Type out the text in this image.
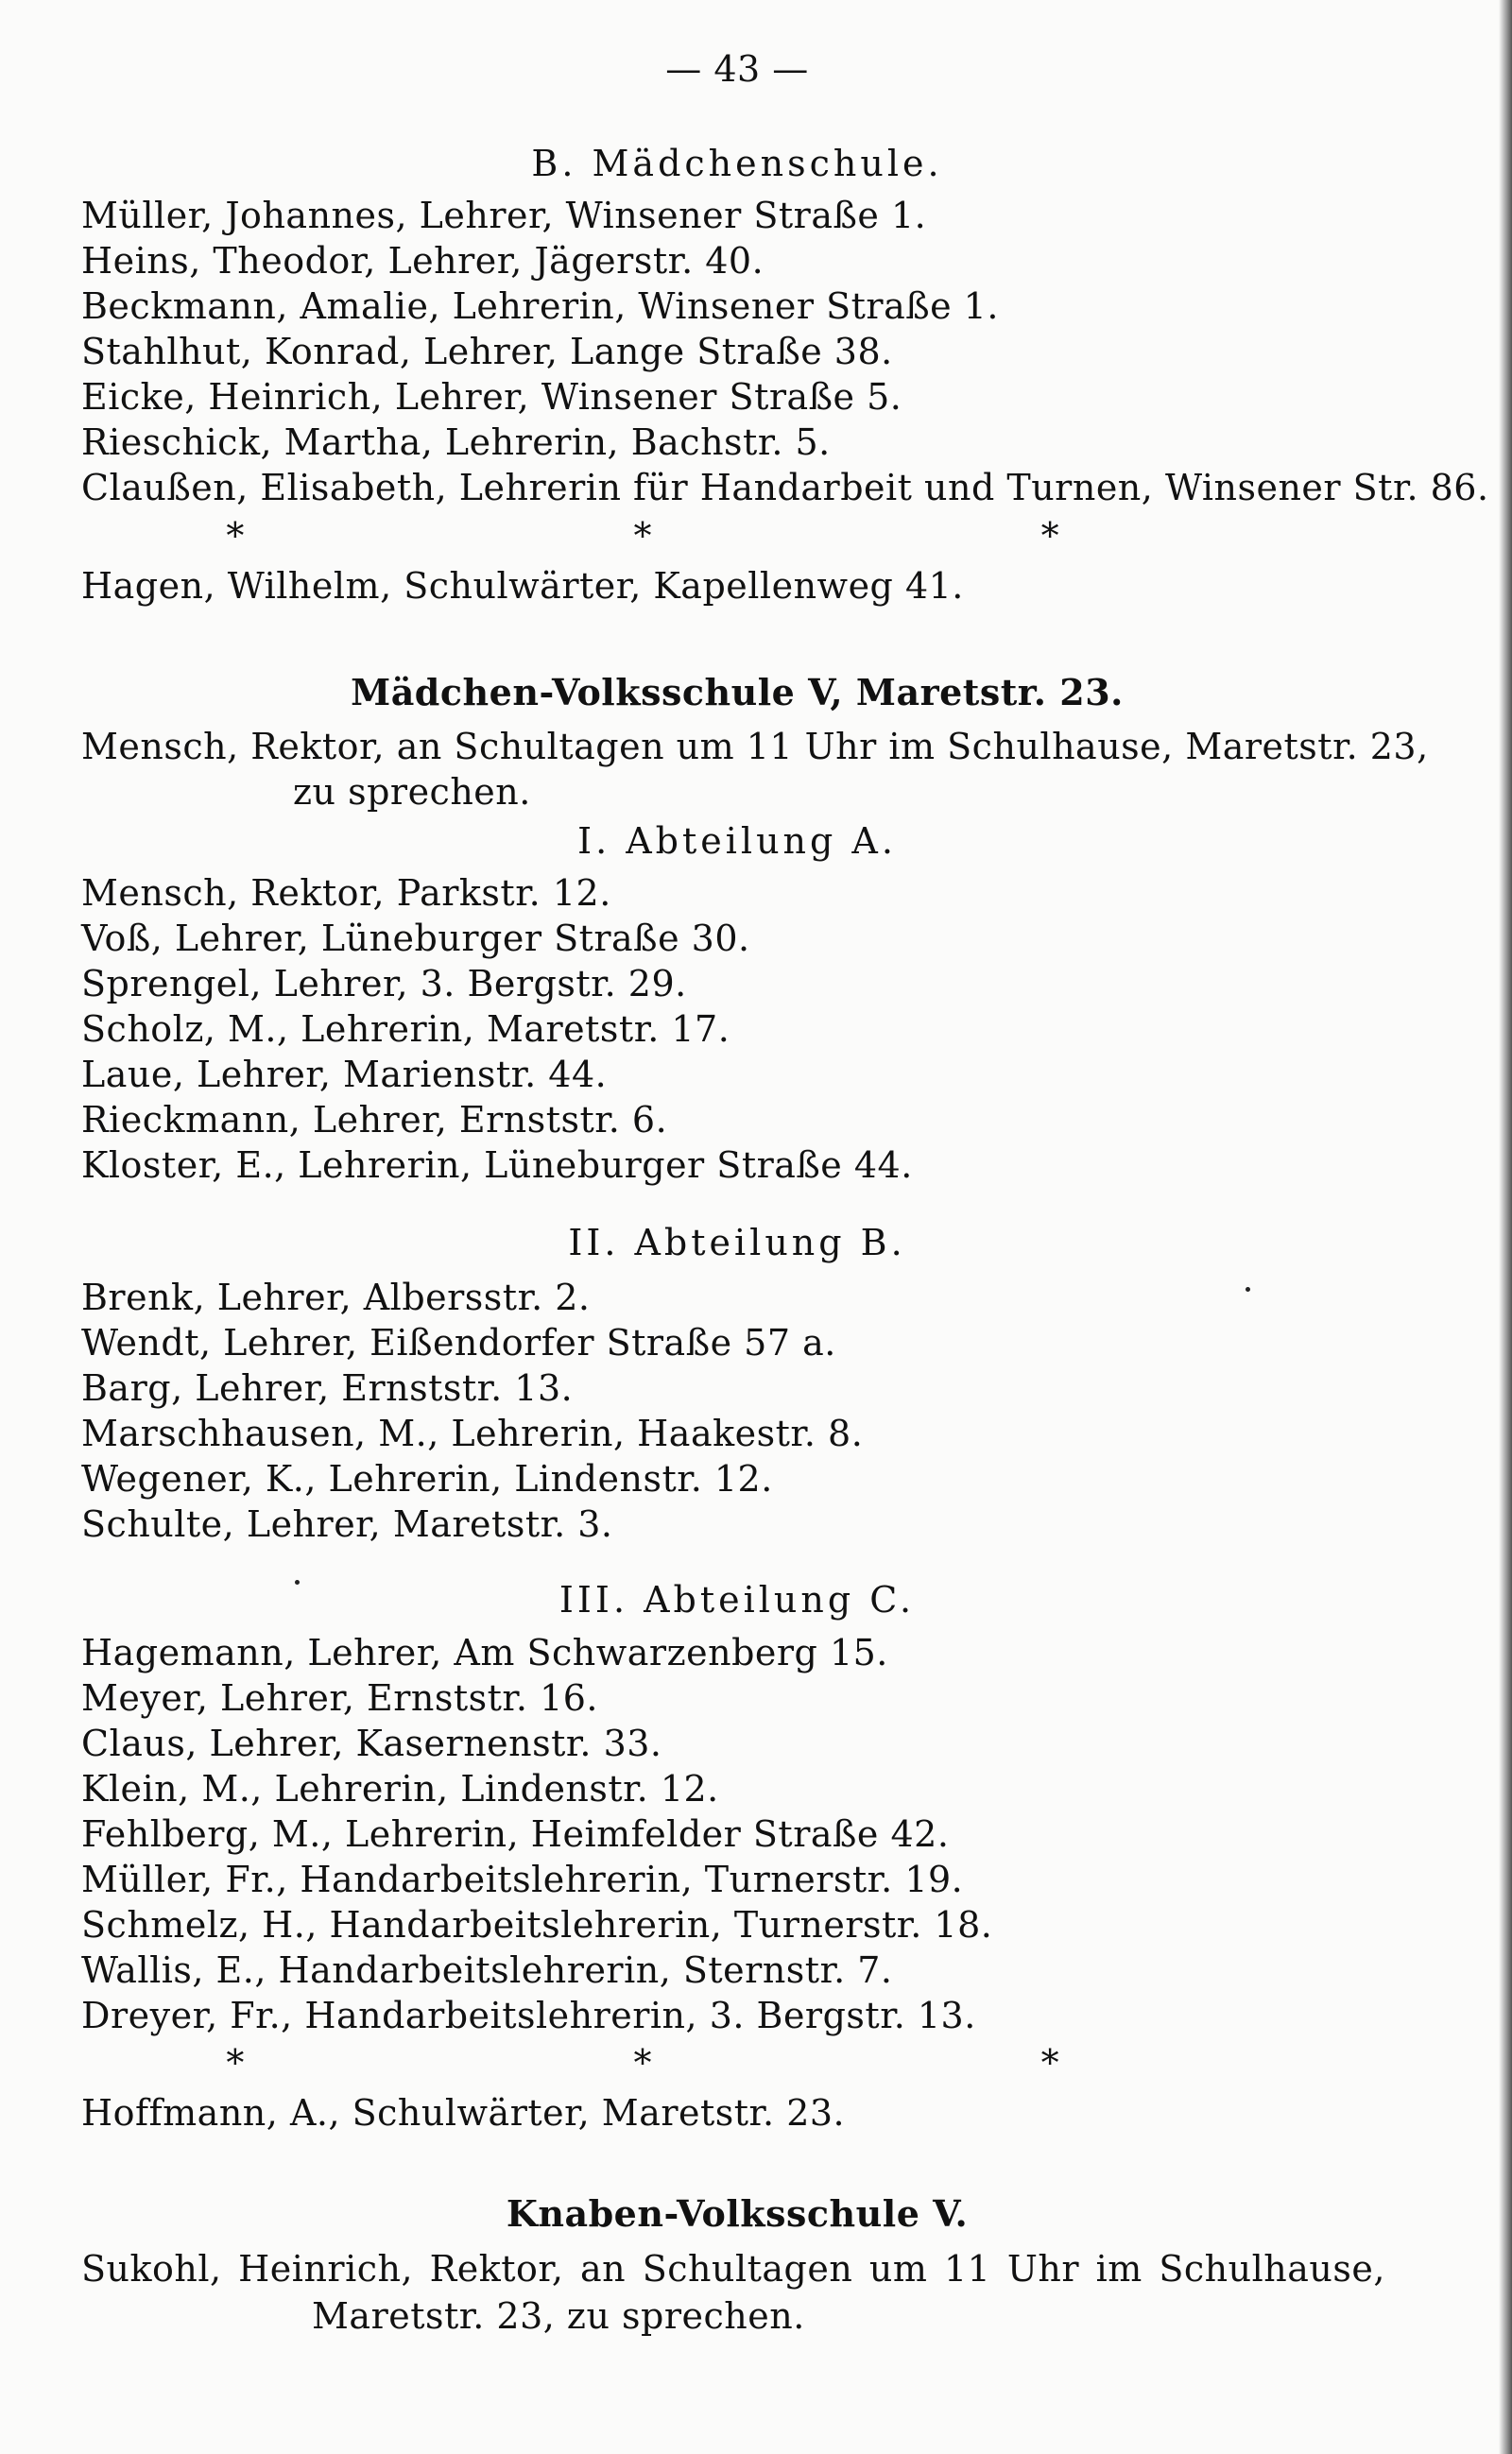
— 43 —
B. Mädchenschule.
Müller, Johannes, Lehrer, Winsener Straße 1.
Heins, Theodor, Lehrer, Jägerstr. 40.
Beckmann, Amalie, Lehrerin, Winsener Straße 1.
Stahlhut, Konrad, Lehrer, Lange Straße 38.
Eicke, Heinrich, Lehrer, Winsener Straße 5.
Rieschick, Martha, Lehrerin, Bachstr. 5.
Claußen, Elisabeth, Lehrerin für Handarbeit und Turnen, Winsener Str. 86.
* * *
Hagen, Wilhelm, Schulwärter, Kapellenweg 41.
Mädchen-Volksschule V, Maretstr. 23.
Mensch, Rektor, an Schultagen um 11 Uhr im Schulhause, Maretstr. 23,
zu sprechen.
I. Abteilung A.
Mensch, Rektor, Parkstr. 12.
Voß, Lehrer, Lüneburger Straße 30.
Sprengel, Lehrer, 3. Bergstr. 29.
Scholz, M., Lehrerin, Maretstr. 17.
Laue, Lehrer, Marienstr. 44.
Rieckmann, Lehrer, Ernststr. 6.
Kloster, E., Lehrerin, Lüneburger Straße 44.
II. Abteilung B.
Brenk, Lehrer, Albersstr. 2.
Wendt, Lehrer, Eißendorfer Straße 57 a.
Barg, Lehrer, Ernststr. 13.
Marschhausen, M., Lehrerin, Haakestr. 8.
Wegener, K., Lehrerin, Lindenstr. 12.
Schulte, Lehrer, Maretstr. 3.
III. Abteilung C.
Hagemann, Lehrer, Am Schwarzenberg 15.
Meyer, Lehrer, Ernststr. 16.
Claus, Lehrer, Kasernenstr. 33.
Klein, M., Lehrerin, Lindenstr. 12.
Fehlberg, M., Lehrerin, Heimfelder Straße 42.
Müller, Fr., Handarbeitslehrerin, Turnerstr. 19.
Schmelz, H., Handarbeitslehrerin, Turnerstr. 18.
Wallis, E., Handarbeitslehrerin, Sternstr. 7.
Dreyer, Fr., Handarbeitslehrerin, 3. Bergstr. 13.
* * *
Hoffmann, A., Schulwärter, Maretstr. 23.
Knaben-Volksschule V.
Sukohl, Heinrich, Rektor, an Schultagen um 11 Uhr im Schulhause,
Maretstr. 23, zu sprechen.
